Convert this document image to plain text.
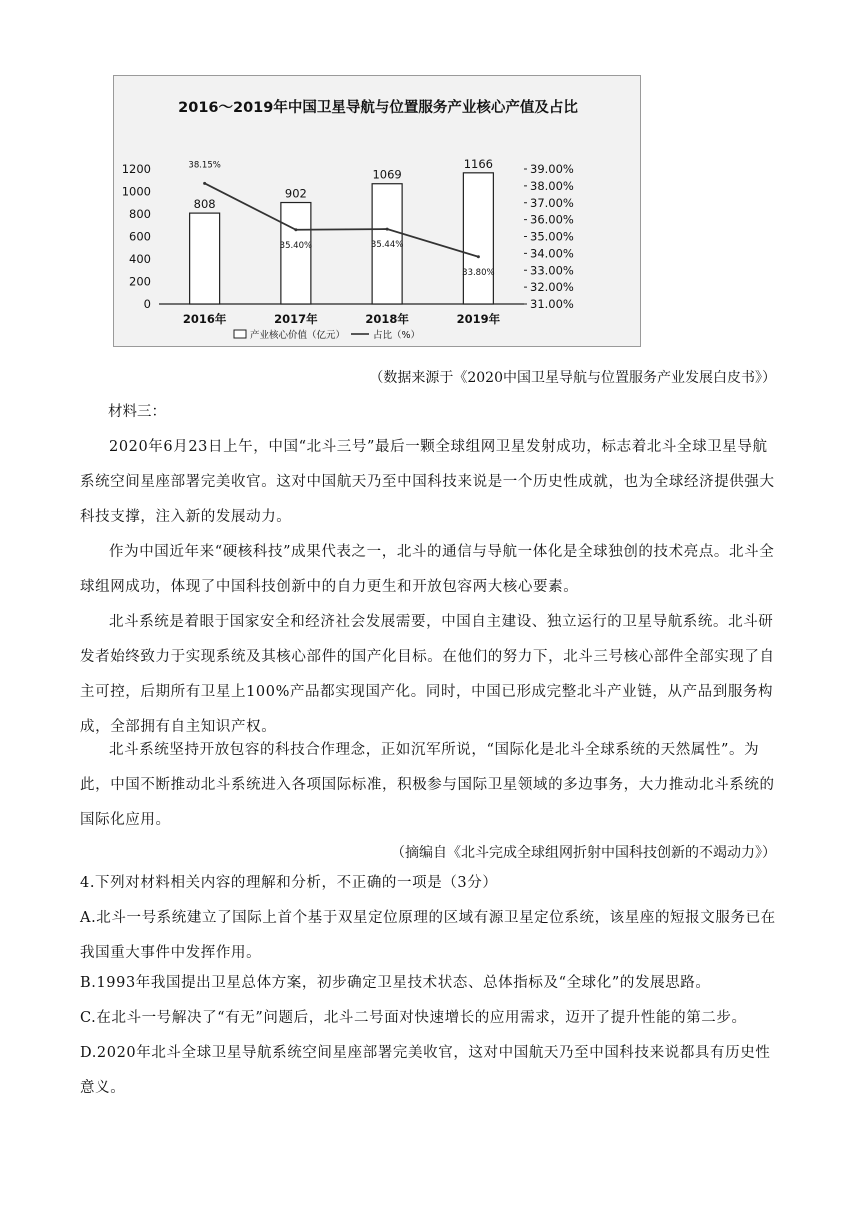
2016～2019年中国卫星导航与位置服务产业核心产值及占比
0
200
400
600
800
1000
1200
31.00%
32.00%
33.00%
34.00%
35.00%
36.00%
37.00%
38.00%
39.00%
808
2016年
902
2017年
1069
2018年
1166
2019年
38.15%
35.40%	35.44%
33.80%
产业核心价值（亿元）	占比（%）
（数据来源于《2020中国卫星导航与位置服务产业发展白皮书》）

材料三：

2020年6月23日上午，中国“北斗三号”最后一颗全球组网卫星发射成功，标志着北斗全球卫星导航系统空间星座部署完美收官。这对中国航天乃至中国科技来说是一个历史性成就，也为全球经济提供强大科技支撑，注入新的发展动力。

作为中国近年来“硬核科技”成果代表之一，北斗的通信与导航一体化是全球独创的技术亮点。北斗全球组网成功，体现了中国科技创新中的自力更生和开放包容两大核心要素。

北斗系统是着眼于国家安全和经济社会发展需要，中国自主建设、独立运行的卫星导航系统。北斗研发者始终致力于实现系统及其核心部件的国产化目标。在他们的努力下，北斗三号核心部件全部实现了自主可控，后期所有卫星上100%产品都实现国产化。同时，中国已形成完整北斗产业链，从产品到服务构成，全部拥有自主知识产权。

北斗系统坚持开放包容的科技合作理念，正如沉军所说，“国际化是北斗全球系统的天然属性”。为此，中国不断推动北斗系统进入各项国际标准，积极参与国际卫星领域的多边事务，大力推动北斗系统的国际化应用。

（摘编自《北斗完成全球组网折射中国科技创新的不竭动力》）

4.下列对材料相关内容的理解和分析，不正确的一项是（3分）

A.北斗一号系统建立了国际上首个基于双星定位原理的区域有源卫星定位系统，该星座的短报文服务已在我国重大事件中发挥作用。

B.1993年我国提出卫星总体方案，初步确定卫星技术状态、总体指标及“全球化”的发展思路。

C.在北斗一号解决了“有无”问题后，北斗二号面对快速增长的应用需求，迈开了提升性能的第二步。

D.2020年北斗全球卫星导航系统空间星座部署完美收官，这对中国航天乃至中国科技来说都具有历史性意义。
